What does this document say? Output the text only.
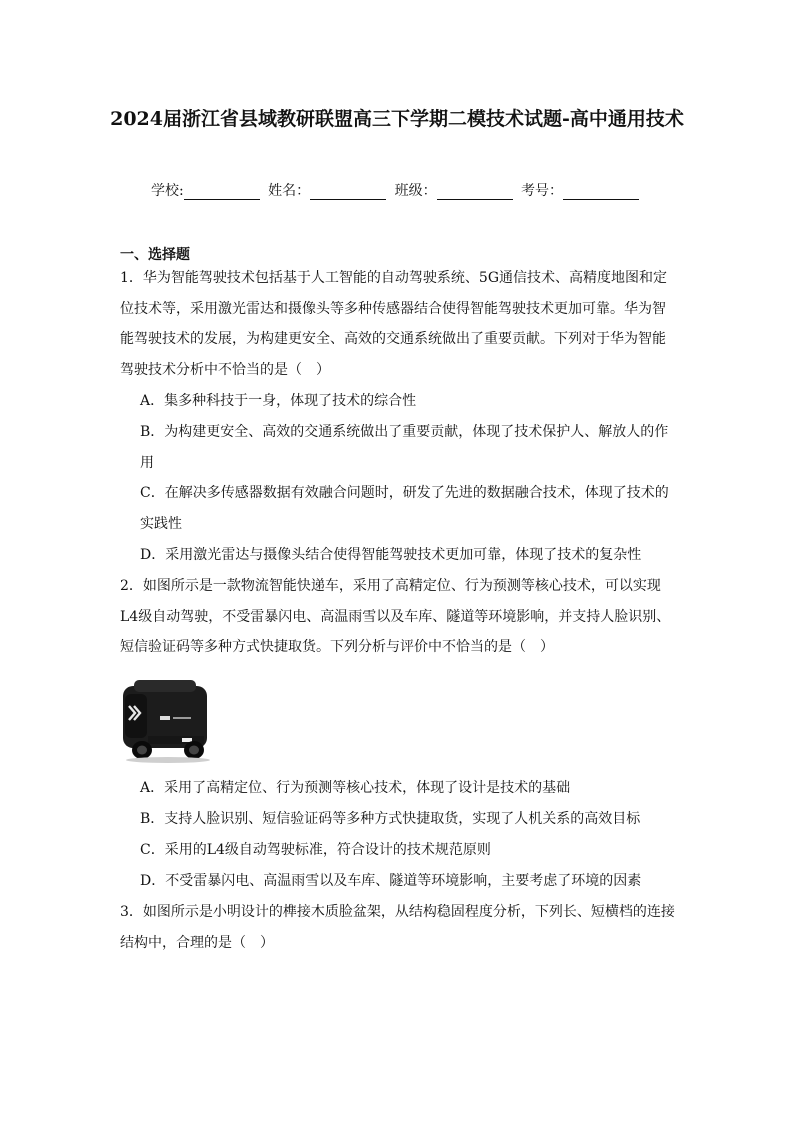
2024届浙江省县域教研联盟高三下学期二模技术试题-高中通用技术
学校:	姓名：	班级：	考号：
一、选择题
1．华为智能驾驶技术包括基于人工智能的自动驾驶系统、5G通信技术、高精度地图和定位技术等，采用激光雷达和摄像头等多种传感器结合使得智能驾驶技术更加可靠。华为智能驾驶技术的发展，为构建更安全、高效的交通系统做出了重要贡献。下列对于华为智能驾驶技术分析中不恰当的是（　）
A．集多种科技于一身，体现了技术的综合性
B．为构建更安全、高效的交通系统做出了重要贡献，体现了技术保护人、解放人的作用
C．在解决多传感器数据有效融合问题时，研发了先进的数据融合技术，体现了技术的实践性
D．采用激光雷达与摄像头结合使得智能驾驶技术更加可靠，体现了技术的复杂性
2．如图所示是一款物流智能快递车，采用了高精定位、行为预测等核心技术，可以实现L4级自动驾驶，不受雷暴闪电、高温雨雪以及车库、隧道等环境影响，并支持人脸识别、短信验证码等多种方式快捷取货。下列分析与评价中不恰当的是（　）
A．采用了高精定位、行为预测等核心技术，体现了设计是技术的基础
B．支持人脸识别、短信验证码等多种方式快捷取货，实现了人机关系的高效目标
C．采用的L4级自动驾驶标准，符合设计的技术规范原则
D．不受雷暴闪电、高温雨雪以及车库、隧道等环境影响，主要考虑了环境的因素
3．如图所示是小明设计的榫接木质脸盆架，从结构稳固程度分析，下列长、短横档的连接结构中，合理的是（　）
